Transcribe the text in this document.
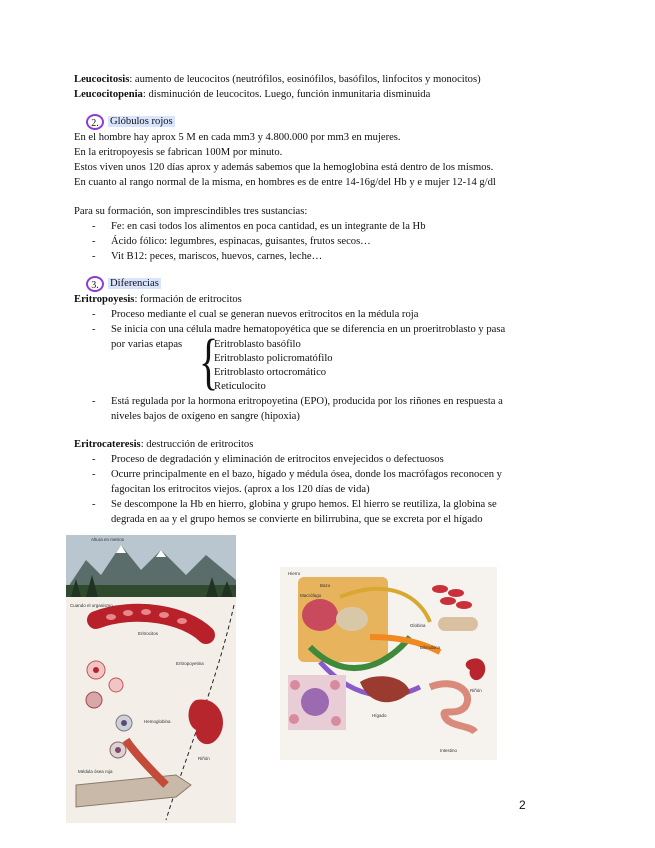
Leucocitosis: aumento de leucocitos (neutrófilos, eosinófilos, basófilos, linfocitos y monocitos)
Leucocitopenia: disminución de leucocitos. Luego, función inmunitaria disminuida
2. Glóbulos rojos
En el hombre hay aprox 5 M en cada mm3 y 4.800.000 por mm3 en mujeres.
En la eritropoyesis se fabrican 100M por minuto.
Estos viven unos 120 días aprox y además sabemos que la hemoglobina está dentro de los mismos.
En cuanto al rango normal de la misma, en hombres es de entre 14-16g/del Hb y e mujer 12-14 g/dl
Para su formación, son imprescindibles tres sustancias:
- Fe: en casi todos los alimentos en poca cantidad, es un integrante de la Hb
- Ácido fólico: legumbres, espinacas, guisantes, frutos secos…
- Vit B12: peces, mariscos, huevos, carnes, leche…
3. Diferencias
Eritropoyesis: formación de eritrocitos
- Proceso mediante el cual se generan nuevos eritrocitos en la médula roja
- Se inicia con una célula madre hematopoyética que se diferencia en un proeritroblasto y pasa
por varias etapas {
Eritroblasto basófilo
Eritroblasto policromatófilo
Eritroblasto ortocromático
Reticulocito
- Está regulada por la hormona eritropoyetina (EPO), producida por los riñones en respuesta a
niveles bajos de oxígeno en sangre (hipoxia)
Eritrocateresis: destrucción de eritrocitos
- Proceso de degradación y eliminación de eritrocitos envejecidos o defectuosos
- Ocurre principalmente en el bazo, hígado y médula ósea, donde los macrófagos reconocen y
fagocitan los eritrocitos viejos. (aprox a los 120 días de vida)
- Se descompone la Hb en hierro, globina y grupo hemos. El hierro se reutiliza, la globina se
degrada en aa y el grupo hemos se convierte en bilirrubina, que se excreta por el hígado
Altura en metros
Cuando el organismo
Eritrocitos
Riñón
Hemoglobina
Médula ósea roja
Eritropoyetina
Hierro
Macrófago
Globina
Bilirrubina
Hígado
Intestino
Riñón
Bazo
2
